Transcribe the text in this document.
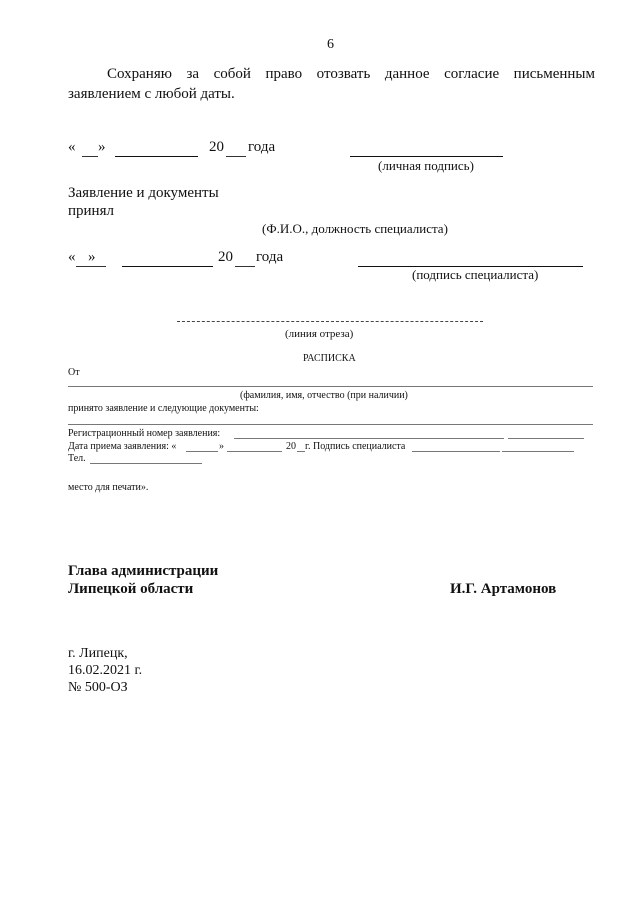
6
Сохраняю за собой право отозвать данное согласие письменным
заявлением с любой даты.
« »	20 года
(личная подпись)
Заявление и документы
принял
(Ф.И.О., должность специалиста)
« »	20 года
(подпись специалиста)
(линия отреза)
РАСПИСКА
От
(фамилия, имя, отчество (при наличии)
принято заявление и следующие документы:
Регистрационный номер заявления:
Дата приема заявления: «	»	20 г. Подпись специалиста
Тел.
место для печати».
Глава администрации
Липецкой области	И.Г. Артамонов
г. Липецк,
16.02.2021 г.
№ 500-ОЗ
